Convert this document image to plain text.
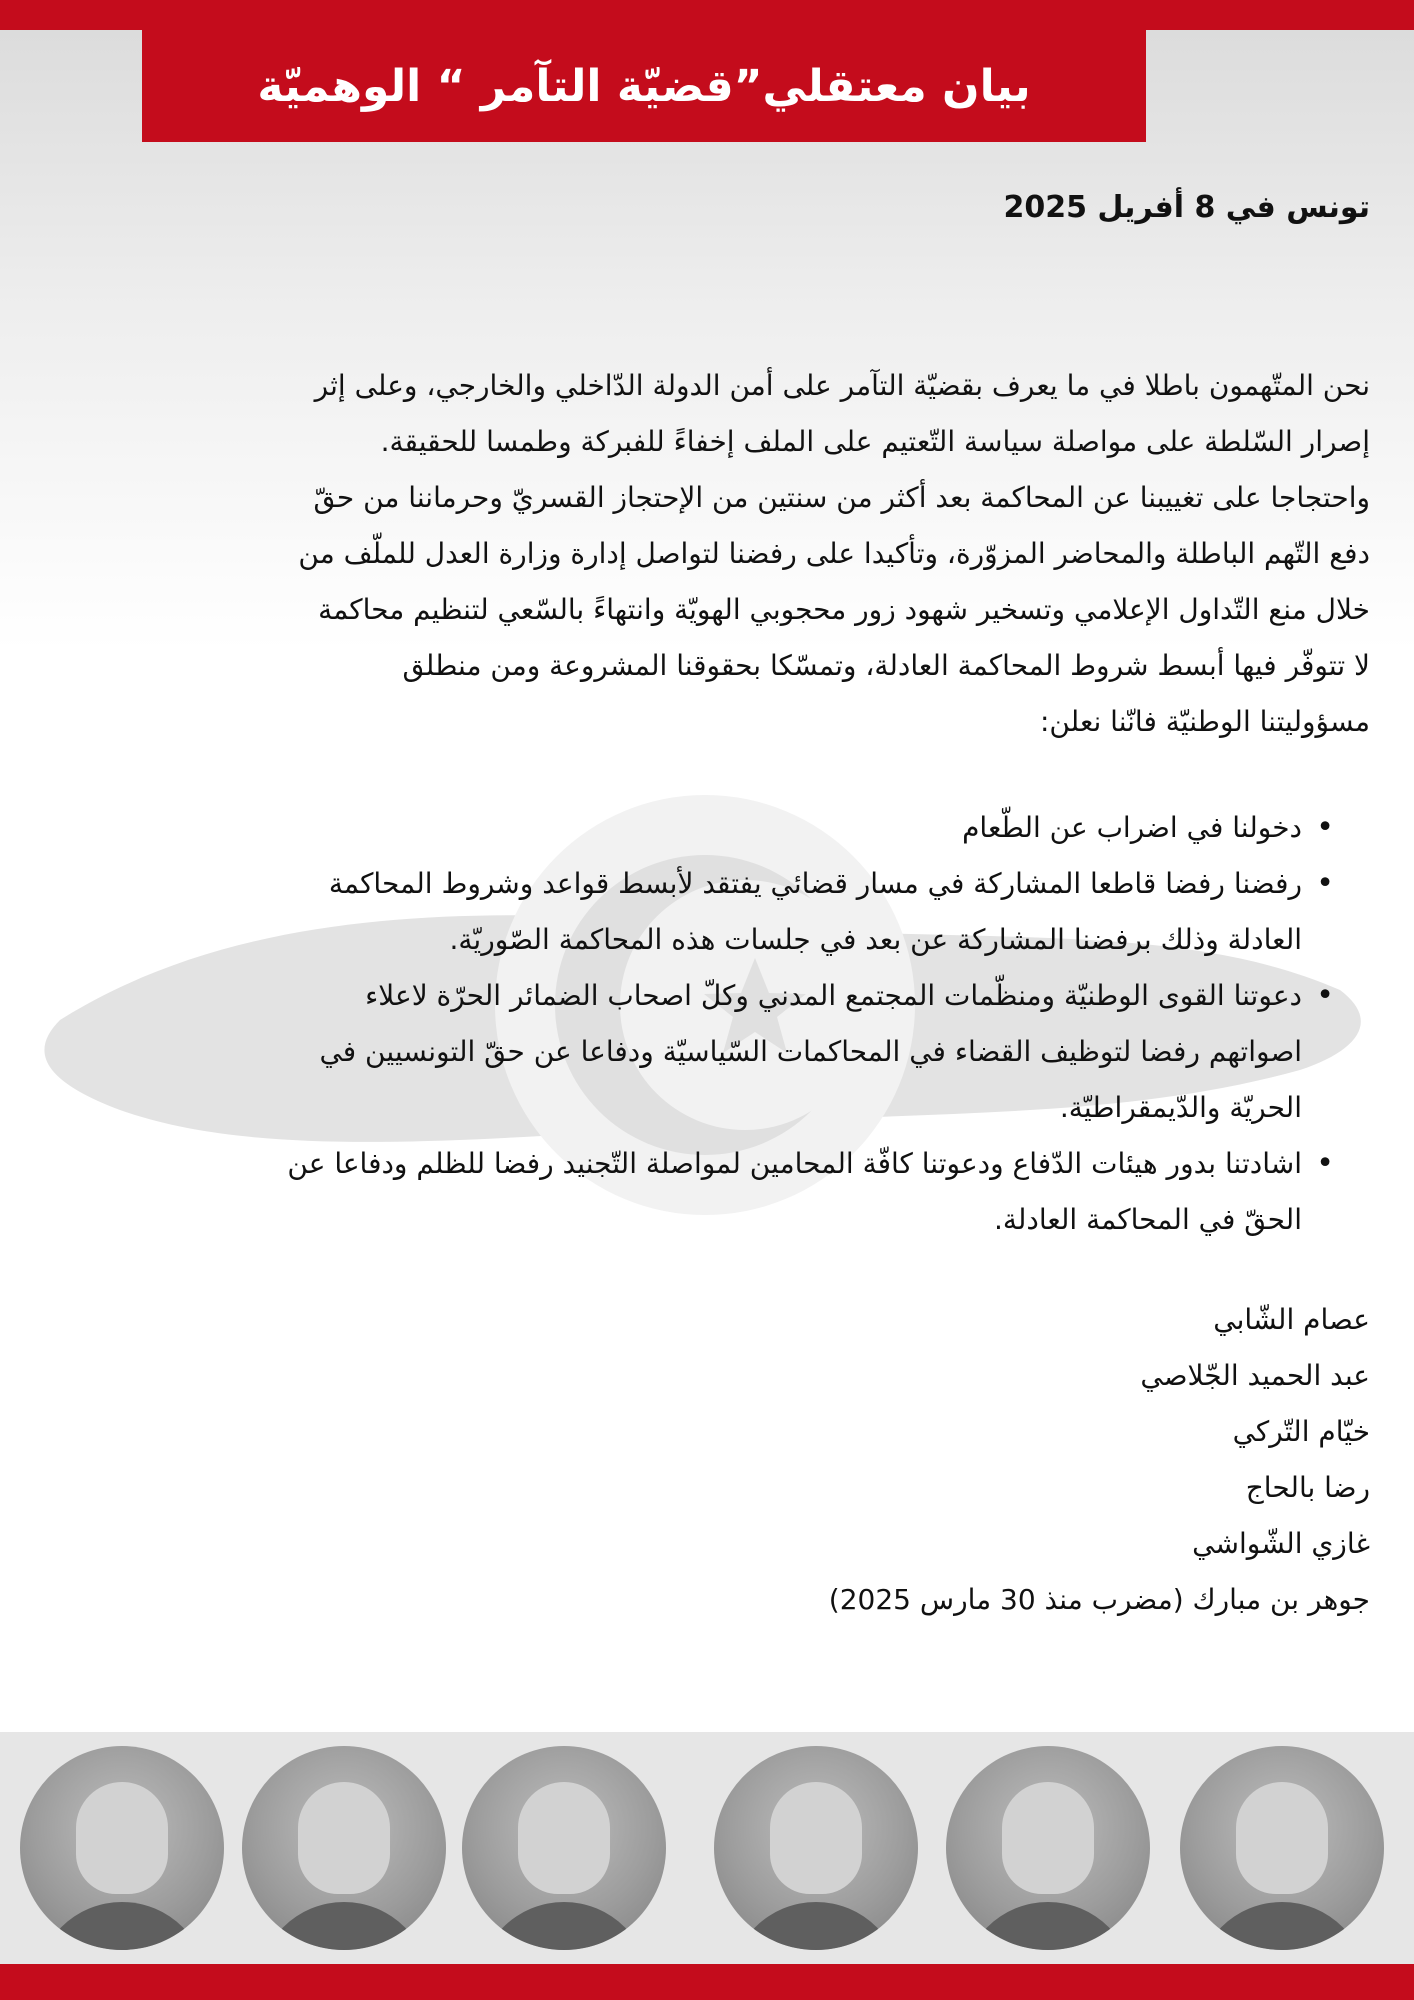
بيان معتقلي”قضيّة التآمر “ الوهميّة
تونس في 8 أفريل 2025

نحن المتّهمون باطلا في ما يعرف بقضيّة التآمر على أمن الدولة الدّاخلي والخارجي، وعلى إثر
إصرار السّلطة على مواصلة سياسة التّعتيم على الملف إخفاءً للفبركة وطمسا للحقيقة.
واحتجاجا على تغييبنا عن المحاكمة بعد أكثر من سنتين من الإحتجاز القسريّ وحرماننا من حقّ
دفع التّهم الباطلة والمحاضر المزوّرة، وتأكيدا على رفضنا لتواصل إدارة وزارة العدل للملّف من
خلال منع التّداول الإعلامي وتسخير شهود زور محجوبي الهويّة وانتهاءً بالسّعي لتنظيم محاكمة
لا تتوفّر فيها أبسط شروط المحاكمة العادلة، وتمسّكا بحقوقنا المشروعة ومن منطلق
مسؤوليتنا الوطنيّة فانّنا نعلن:

• دخولنا في اضراب عن الطّعام
• رفضنا رفضا قاطعا المشاركة في مسار قضائي يفتقد لأبسط قواعد وشروط المحاكمة
العادلة وذلك برفضنا المشاركة عن بعد في جلسات هذه المحاكمة الصّوريّة.
• دعوتنا القوى الوطنيّة ومنظّمات المجتمع المدني وكلّ اصحاب الضمائر الحرّة لاعلاء
اصواتهم رفضا لتوظيف القضاء في المحاكمات السّياسيّة ودفاعا عن حقّ التونسيين في
الحريّة والدّيمقراطيّة.
• اشادتنا بدور هيئات الدّفاع ودعوتنا كافّة المحامين لمواصلة التّجنيد رفضا للظلم ودفاعا عن
الحقّ في المحاكمة العادلة.
عصام الشّابي
عبد الحميد الجّلاصي
خيّام التّركي
رضا بالحاج
غازي الشّواشي
جوهر بن مبارك (مضرب منذ 30 مارس 2025)
